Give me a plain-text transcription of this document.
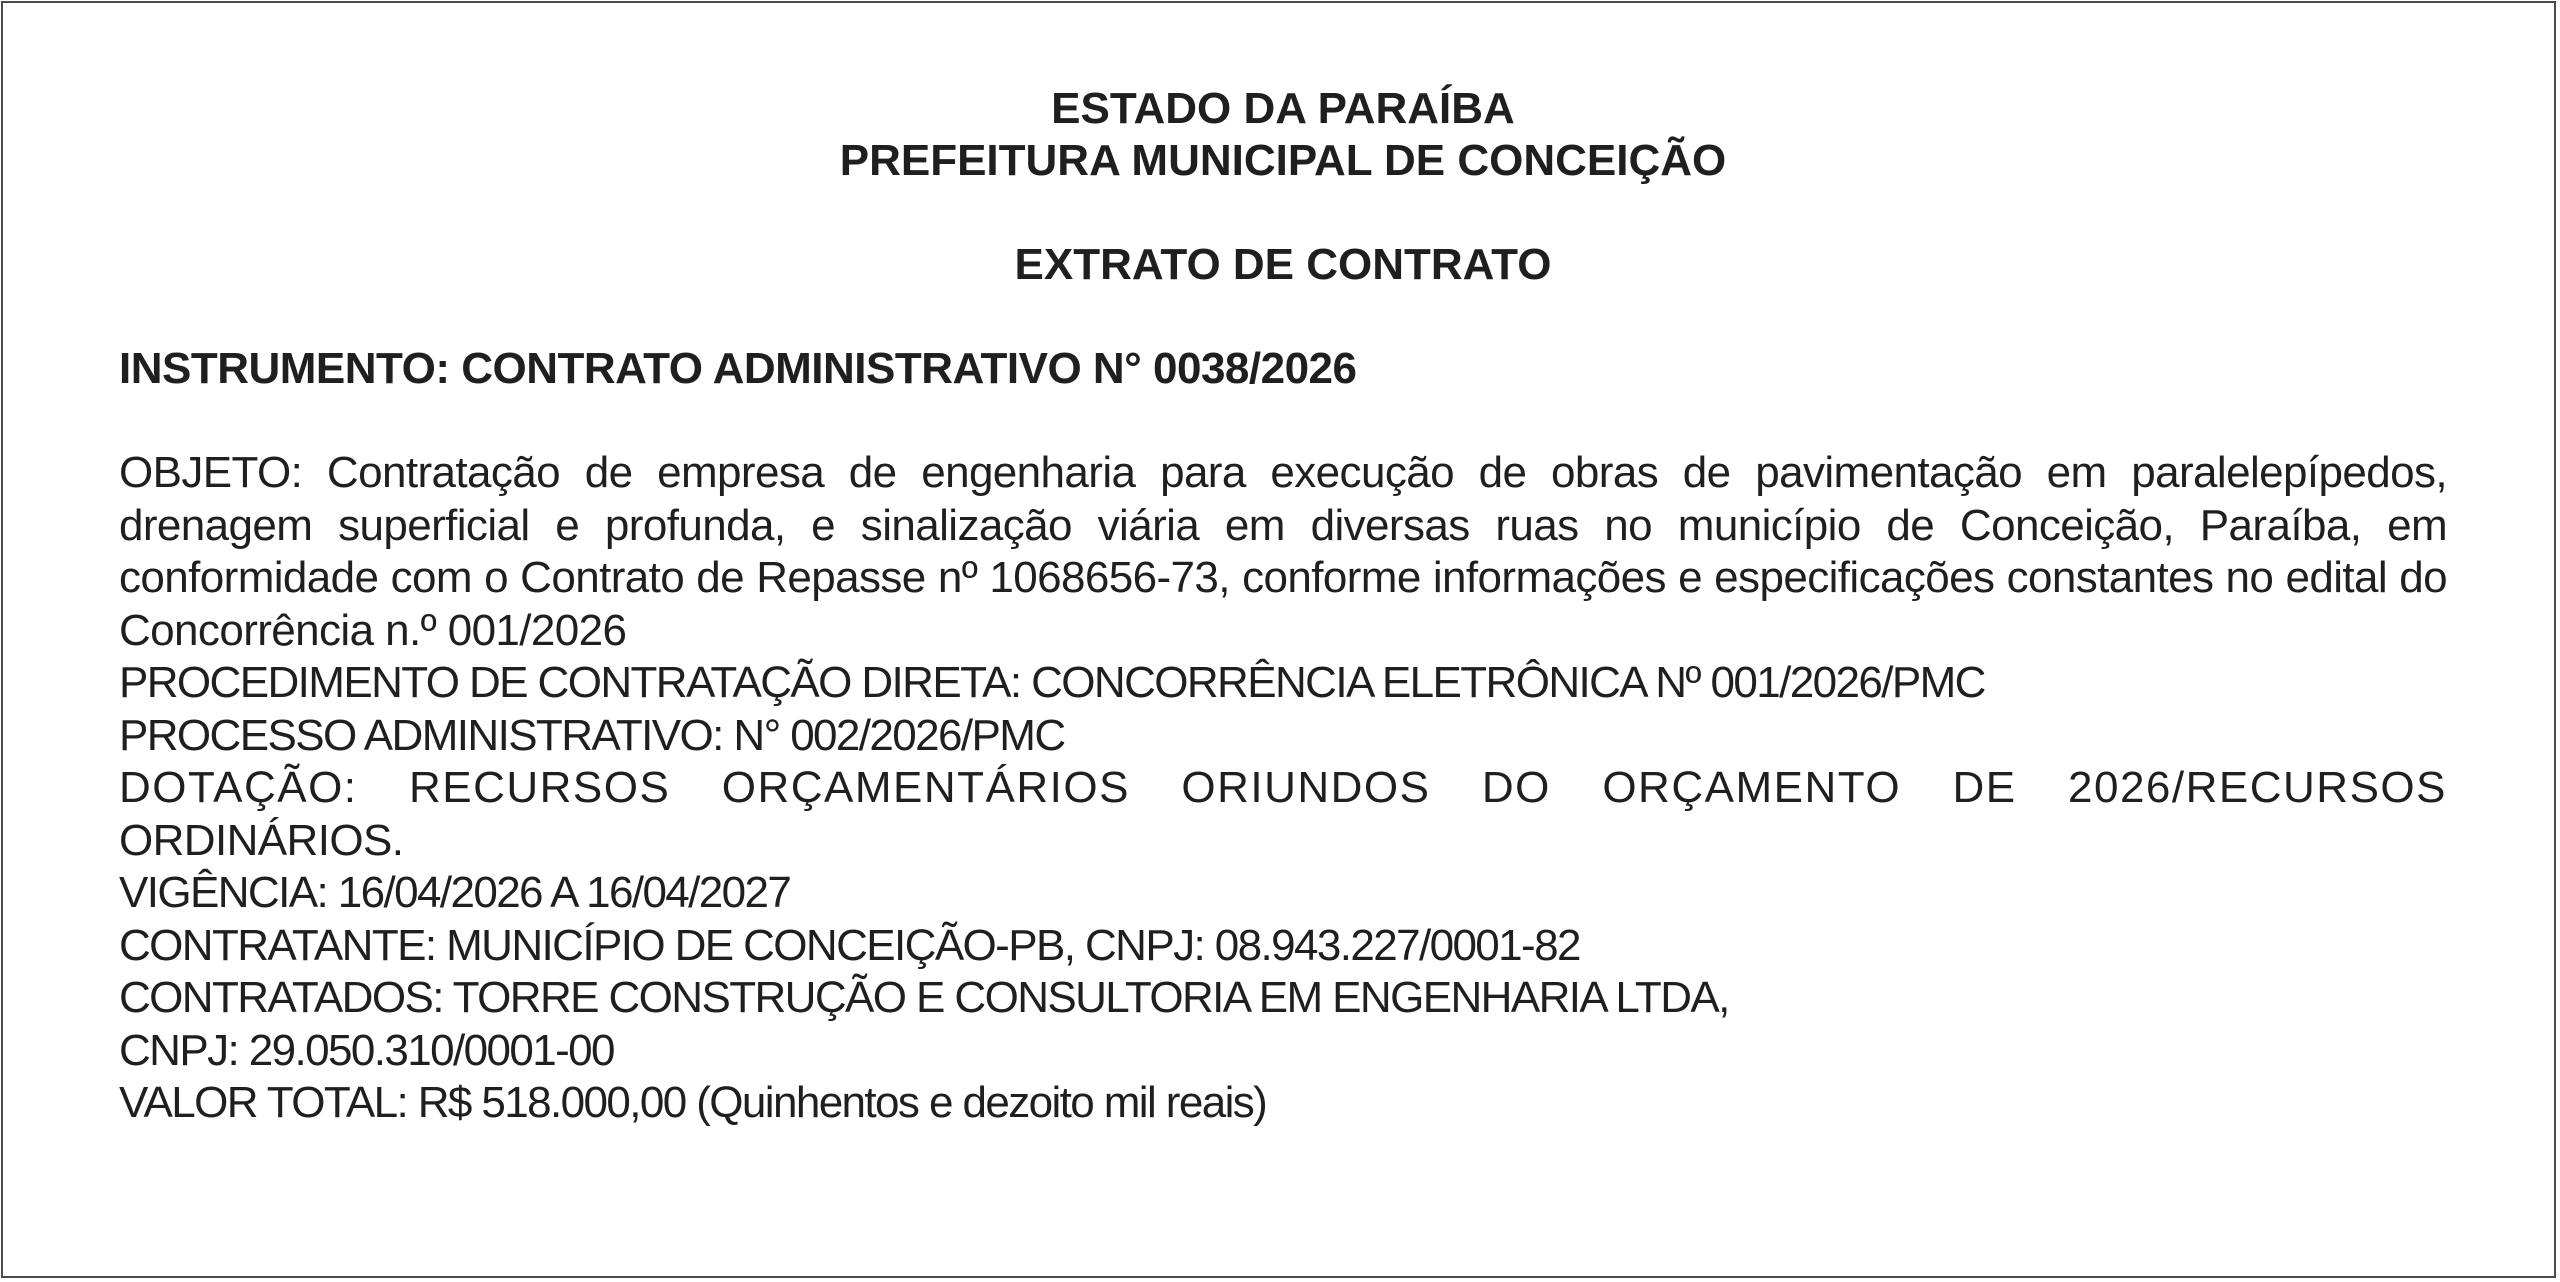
ESTADO DA PARAÍBA

PREFEITURA MUNICIPAL DE CONCEIÇÃO

EXTRATO DE CONTRATO

INSTRUMENTO: CONTRATO ADMINISTRATIVO N° 0038/2026

OBJETO: Contratação de empresa de engenharia para execução de obras de pavimentação em paralelepípedos, drenagem superficial e profunda, e sinalização viária em diversas ruas no município de Conceição, Paraíba, em conformidade com o Contrato de Repasse nº 1068656-73, conforme informações e especificações constantes no edital do Concorrência n.º 001/2026

PROCEDIMENTO DE CONTRATAÇÃO DIRETA: CONCORRÊNCIA ELETRÔNICA Nº 001/2026/PMC

PROCESSO ADMINISTRATIVO: N° 002/2026/PMC

DOTAÇÃO: RECURSOS ORÇAMENTÁRIOS ORIUNDOS DO ORÇAMENTO DE 2026/RECURSOS

ORDINÁRIOS.

VIGÊNCIA: 16/04/2026 A 16/04/2027

CONTRATANTE: MUNICÍPIO DE CONCEIÇÃO-PB, CNPJ: 08.943.227/0001-82

CONTRATADOS: TORRE CONSTRUÇÃO E CONSULTORIA EM ENGENHARIA LTDA,

CNPJ: 29.050.310/0001-00

VALOR TOTAL: R$ 518.000,00 (Quinhentos e dezoito mil reais)
